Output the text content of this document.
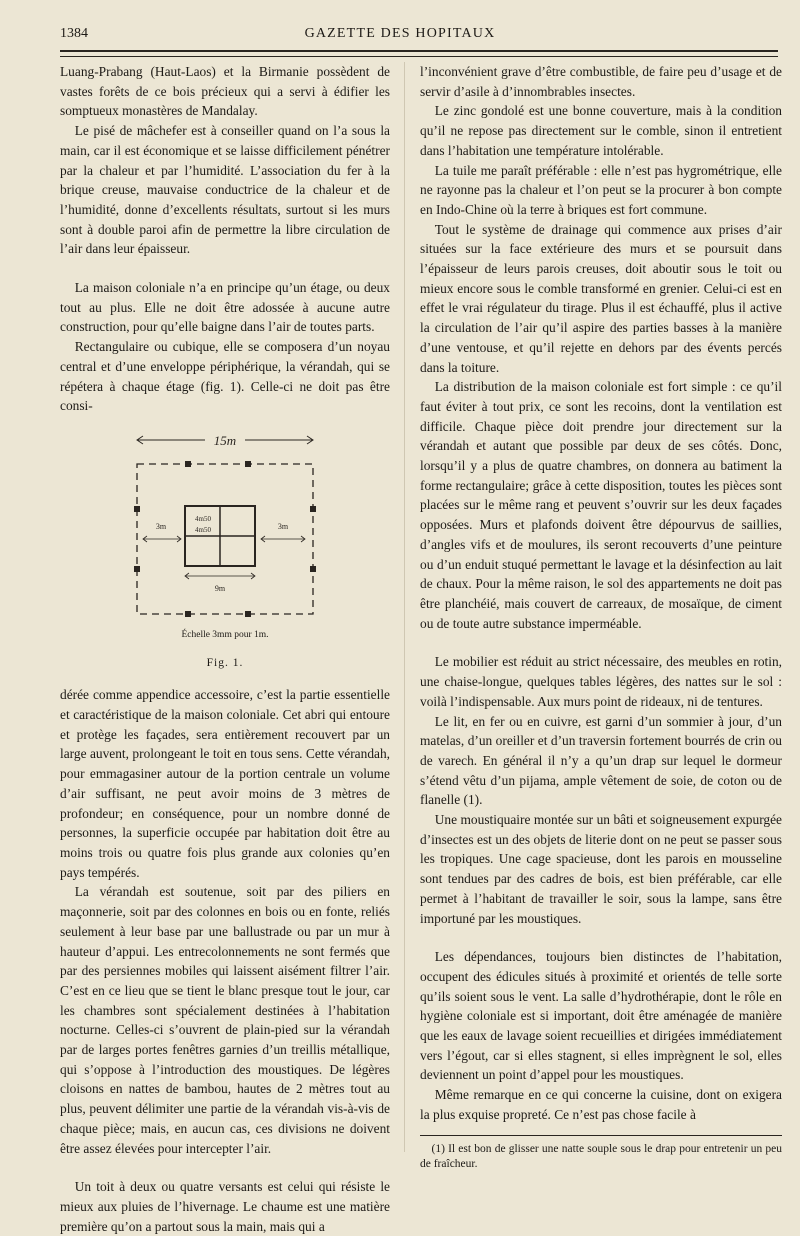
1384	GAZETTE DES HOPITAUX

Luang-Prabang (Haut-Laos) et la Birmanie possèdent de vastes forêts de ce bois précieux qui a servi à édifier les somptueux monastères de Mandalay.

Le pisé de mâchefer est à conseiller quand on l’a sous la main, car il est économique et se laisse difficilement pénétrer par la chaleur et par l’humidité. L’association du fer à la brique creuse, mauvaise conductrice de la chaleur et de l’humidité, donne d’excellents résultats, surtout si les murs sont à double paroi afin de permettre la libre circulation de l’air dans leur épaisseur.

La maison coloniale n’a en principe qu’un étage, ou deux tout au plus. Elle ne doit être adossée à aucune autre construction, pour qu’elle baigne dans l’air de toutes parts.

Rectangulaire ou cubique, elle se composera d’un noyau central et d’une enveloppe périphérique, la vérandah, qui se répétera à chaque étage (fig. 1). Celle-ci ne doit pas être consi-

15m
4m50
4m50
3m	3m
9m
Échelle 3mm pour 1m.
Fig. 1.

dérée comme appendice accessoire, c’est la partie essentielle et caractéristique de la maison coloniale. Cet abri qui entoure et protège les façades, sera entièrement recouvert par un large auvent, prolongeant le toit en tous sens. Cette vérandah, pour emmagasiner autour de la portion centrale un volume d’air suffisant, ne peut avoir moins de 3 mètres de profondeur; en conséquence, pour un nombre donné de personnes, la superficie occupée par habitation doit être au moins trois ou quatre fois plus grande aux colonies qu’en pays tempérés.

La vérandah est soutenue, soit par des piliers en maçonnerie, soit par des colonnes en bois ou en fonte, reliés seulement à leur base par une ballustrade ou par un mur à hauteur d’appui. Les entrecolonnements ne sont fermés que par des persiennes mobiles qui laissent aisément filtrer l’air. C’est en ce lieu que se tient le blanc presque tout le jour, car les chambres sont spécialement destinées à l’habitation nocturne. Celles-ci s’ouvrent de plain-pied sur la vérandah par de larges portes fenêtres garnies d’un treillis métallique, qui s’oppose à l’introduction des moustiques. De légères cloisons en nattes de bambou, hautes de 2 mètres tout au plus, peuvent délimiter une partie de la vérandah vis-à-vis de chaque pièce; mais, en aucun cas, ces divisions ne doivent être assez élevées pour intercepter l’air.

Un toit à deux ou quatre versants est celui qui résiste le mieux aux pluies de l’hivernage. Le chaume est une matière première qu’on a partout sous la main, mais qui a

l’inconvénient grave d’être combustible, de faire peu d’usage et de servir d’asile à d’innombrables insectes.

Le zinc gondolé est une bonne couverture, mais à la condition qu’il ne repose pas directement sur le comble, sinon il entretient dans l’habitation une température intolérable.

La tuile me paraît préférable : elle n’est pas hygrométrique, elle ne rayonne pas la chaleur et l’on peut se la procurer à bon compte en Indo-Chine où la terre à briques est fort commune.

Tout le système de drainage qui commence aux prises d’air situées sur la face extérieure des murs et se poursuit dans l’épaisseur de leurs parois creuses, doit aboutir sous le toit ou mieux encore sous le comble transformé en grenier. Celui-ci est en effet le vrai régulateur du tirage. Plus il est échauffé, plus il active la circulation de l’air qu’il aspire des parties basses à la manière d’une ventouse, et qu’il rejette en dehors par des évents percés dans la toiture.

La distribution de la maison coloniale est fort simple : ce qu’il faut éviter à tout prix, ce sont les recoins, dont la ventilation est difficile. Chaque pièce doit prendre jour directement sur la vérandah et autant que possible par deux de ses côtés. Donc, lorsqu’il y a plus de quatre chambres, on donnera au batiment la forme rectangulaire; grâce à cette disposition, toutes les pièces sont placées sur le même rang et peuvent s’ouvrir sur les deux façades opposées. Murs et plafonds doivent être dépourvus de saillies, d’angles vifs et de moulures, ils seront recouverts d’une peinture ou d’un enduit stuqué permettant le lavage et la désinfection au lait de chaux. Pour la même raison, le sol des appartements ne doit pas être planchéié, mais couvert de carreaux, de mosaïque, de ciment ou de toute autre substance imperméable.

Le mobilier est réduit au strict nécessaire, des meubles en rotin, une chaise-longue, quelques tables légères, des nattes sur le sol : voilà l’indispensable. Aux murs point de rideaux, ni de tentures.

Le lit, en fer ou en cuivre, est garni d’un sommier à jour, d’un matelas, d’un oreiller et d’un traversin fortement bourrés de crin ou de varech. En général il n’y a qu’un drap sur lequel le dormeur s’étend vêtu d’un pijama, ample vêtement de soie, de coton ou de flanelle (1).

Une moustiquaire montée sur un bâti et soigneusement expurgée d’insectes est un des objets de literie dont on ne peut se passer sous les tropiques. Une cage spacieuse, dont les parois en mousseline sont tendues par des cadres de bois, est bien préférable, car elle permet à l’habitant de travailler le soir, sous la lampe, sans être importuné par les moustiques.

Les dépendances, toujours bien distinctes de l’habitation, occupent des édicules situés à proximité et orientés de telle sorte qu’ils soient sous le vent. La salle d’hydrothérapie, dont le rôle en hygiène coloniale est si important, doit être aménagée de manière que les eaux de lavage soient recueillies et dirigées immédiatement vers l’égout, car si elles stagnent, si elles imprègnent le sol, elles deviennent un point d’appel pour les moustiques.

Même remarque en ce qui concerne la cuisine, dont on exigera la plus exquise propreté. Ce n’est pas chose facile à

(1) Il est bon de glisser une natte souple sous le drap pour entretenir un peu de fraîcheur.
